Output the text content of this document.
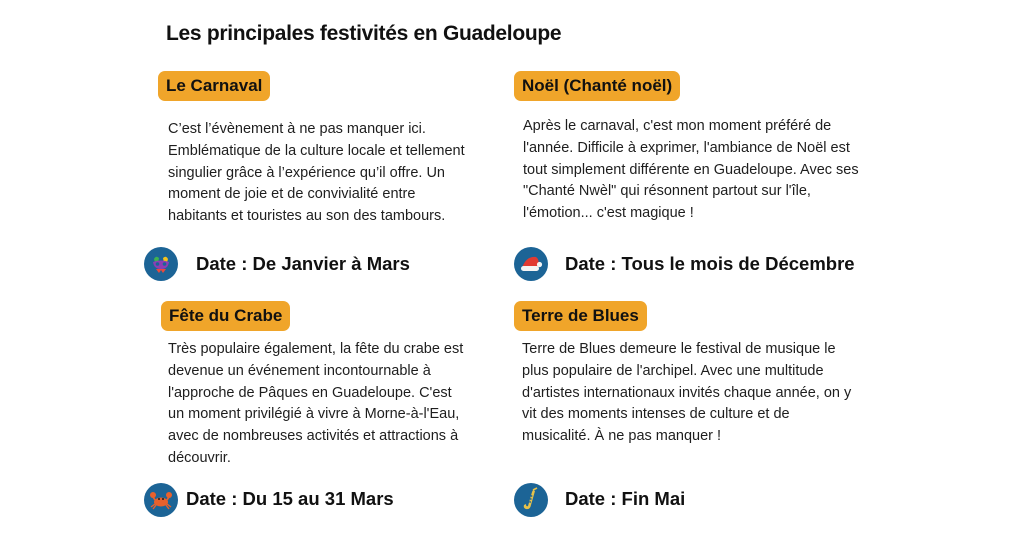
Les principales festivités en Guadeloupe
Le Carnaval
C’est l’évènement à ne pas manquer ici. Emblématique de la culture locale et tellement singulier grâce à l’expérience qu’il offre. Un moment de joie et de convivialité entre habitants et touristes au son des tambours.
Date : De Janvier à Mars
Noël (Chanté noël)
Après le carnaval, c'est mon moment préféré de l'année. Difficile à exprimer, l'ambiance de Noël est tout simplement différente en Guadeloupe. Avec ses "Chanté Nwèl" qui résonnent partout sur l'île, l'émotion... c'est magique !
Date : Tous le mois de Décembre
Fête du Crabe
Très populaire également, la fête du crabe est devenue un événement incontournable à l'approche de Pâques en Guadeloupe. C'est un moment privilégié à vivre à Morne-à-l'Eau, avec de nombreuses activités et attractions à découvrir.
Date : Du 15 au 31 Mars
Terre de Blues
Terre de Blues demeure le festival de musique le plus populaire de l'archipel. Avec une multitude d'artistes internationaux invités chaque année, on y vit des moments intenses de culture et de musicalité. À ne pas manquer !
Date : Fin Mai
